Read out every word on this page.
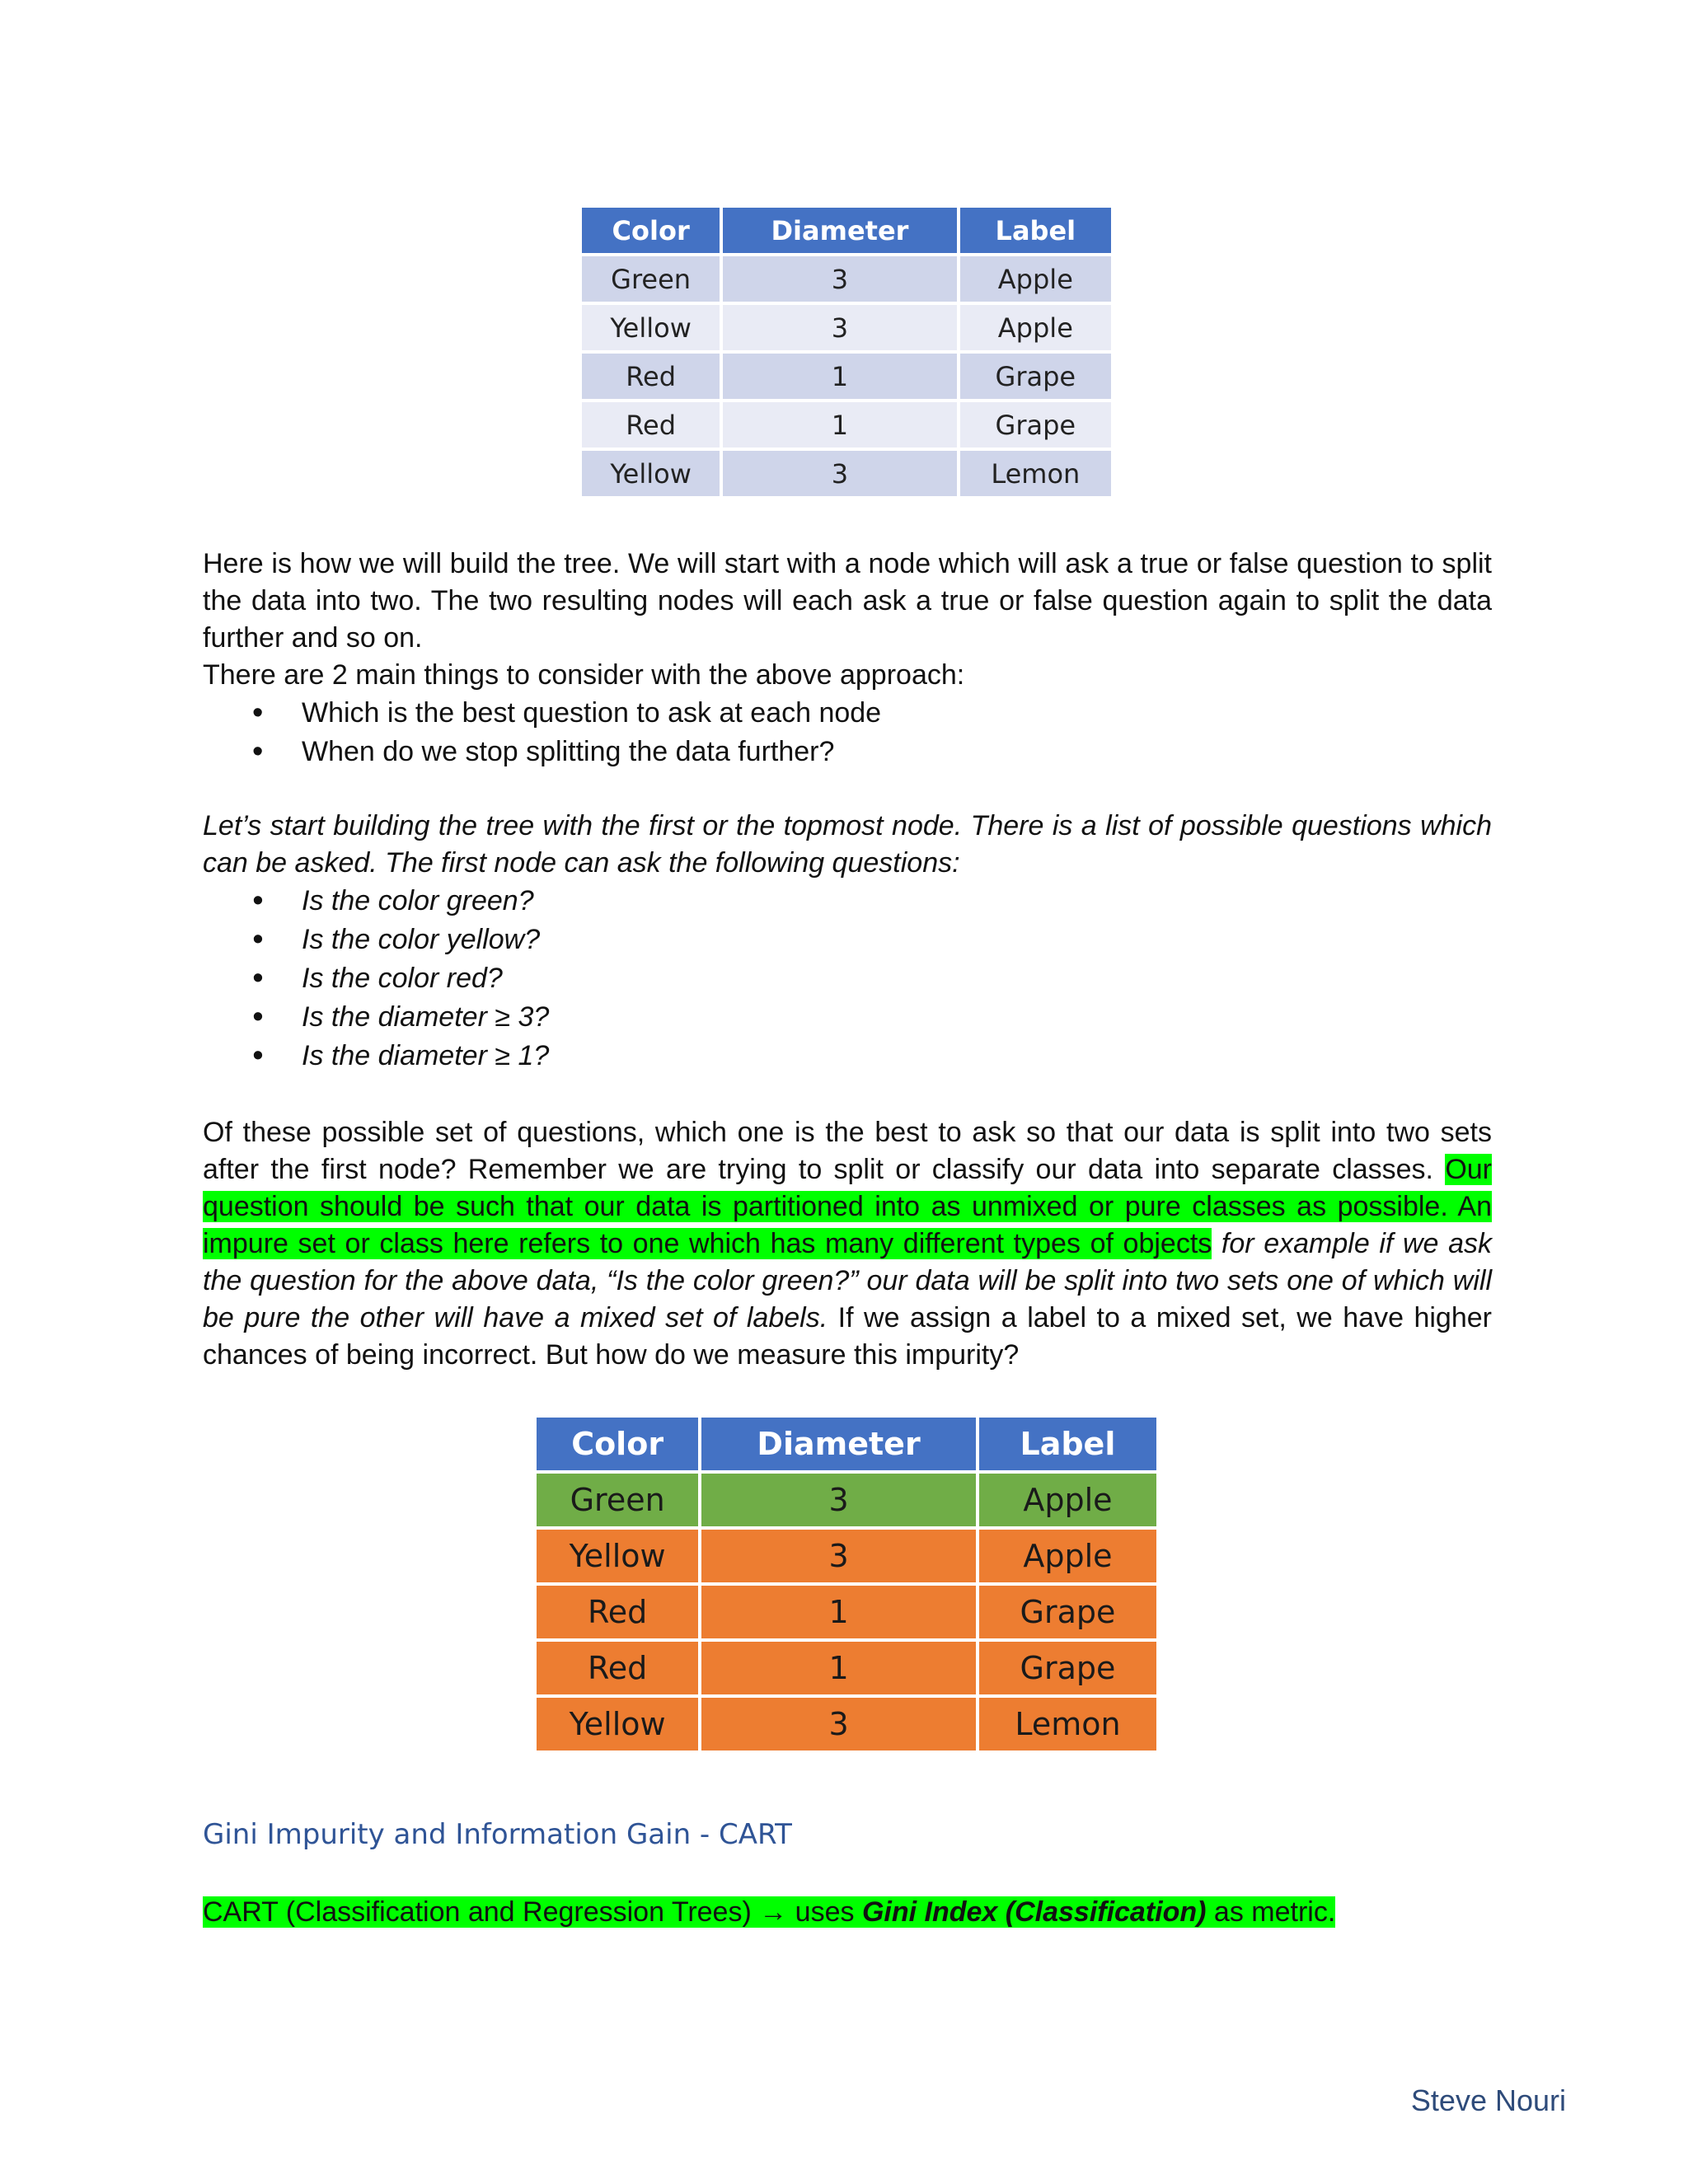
Color	Diameter	Label
Green	3	Apple
Yellow	3	Apple
Red	1	Grape
Red	1	Grape
Yellow	3	Lemon

Here is how we will build the tree. We will start with a node which will ask a true or false question to split the data into two. The two resulting nodes will each ask a true or false question again to split the data further and so on.

There are 2 main things to consider with the above approach:

• Which is the best question to ask at each node
• When do we stop splitting the data further?

Let’s start building the tree with the first or the topmost node. There is a list of possible questions which can be asked. The first node can ask the following questions:

• Is the color green?
• Is the color yellow?
• Is the color red?
• Is the diameter ≥ 3?
• Is the diameter ≥ 1?

Of these possible set of questions, which one is the best to ask so that our data is split into two sets after the first node? Remember we are trying to split or classify our data into separate classes. Our question should be such that our data is partitioned into as unmixed or pure classes as possible. An impure set or class here refers to one which has many different types of objects for example if we ask the question for the above data, “Is the color green?” our data will be split into two sets one of which will be pure the other will have a mixed set of labels. If we assign a label to a mixed set, we have higher chances of being incorrect. But how do we measure this impurity?

Color	Diameter	Label
Green	3	Apple
Yellow	3	Apple
Red	1	Grape
Red	1	Grape
Yellow	3	Lemon
Gini Impurity and Information Gain - CART
CART (Classification and Regression Trees) → uses Gini Index (Classification) as metric.
Steve Nouri
